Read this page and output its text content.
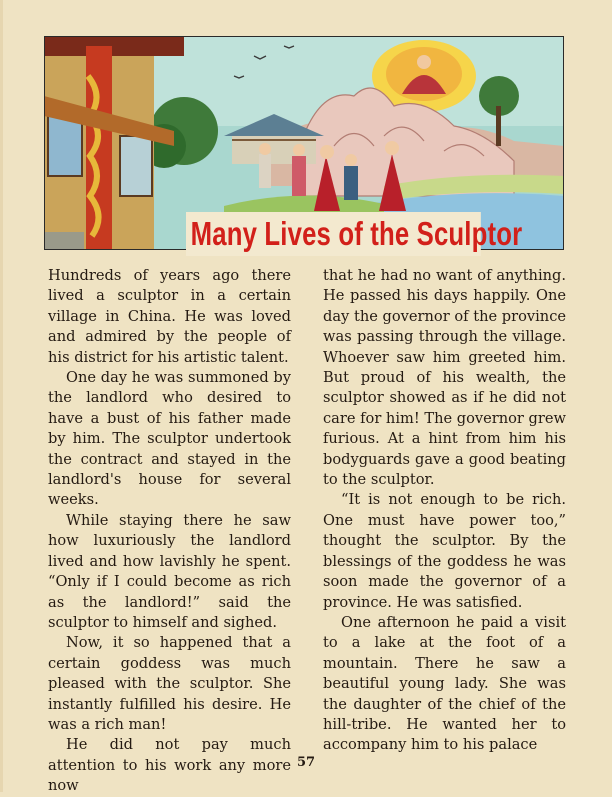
Many Lives of the Sculptor

Hundreds of years ago there lived a sculptor in a certain village in China. He was loved and admired by the people of his district for his artistic talent.

One day he was summoned by the landlord who desired to have a bust of his father made by him. The sculptor undertook the contract and stayed in the landlord's house for several weeks.

While staying there he saw how luxuriously the landlord lived and how lavishly he spent. “Only if I could become as rich as the landlord!” said the sculptor to himself and sighed.

Now, it so happened that a certain goddess was much pleased with the sculptor. She instantly fulfilled his desire. He was a rich man!

He did not pay much attention to his work any more now

that he had no want of anything. He passed his days happily. One day the governor of the province was passing through the village. Whoever saw him greeted him. But proud of his wealth, the sculptor showed as if he did not care for him! The governor grew furious. At a hint from him his bodyguards gave a good beating to the sculptor.

“It is not enough to be rich. One must have power too,” thought the sculptor. By the blessings of the goddess he was soon made the governor of a province. He was satisfied.

One afternoon he paid a visit to a lake at the foot of a mountain. There he saw a beautiful young lady. She was the daughter of the chief of the hill-tribe. He wanted her to accompany him to his palace

57
